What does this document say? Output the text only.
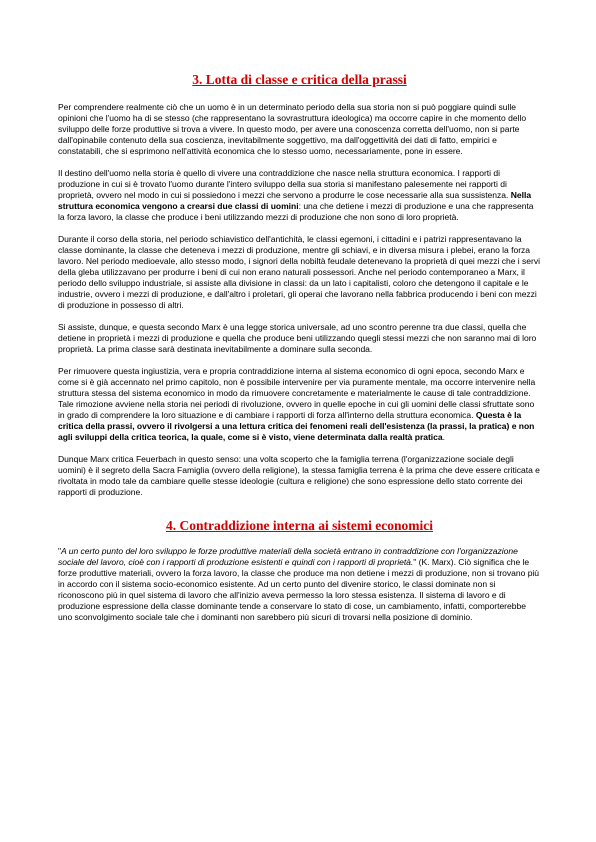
3. Lotta di classe e critica della prassi

Per comprendere realmente ciò che un uomo è in un determinato periodo della sua storia non si può poggiare quindi sulle opinioni che l'uomo ha di se stesso (che rappresentano la sovrastruttura ideologica) ma occorre capire in che momento dello sviluppo delle forze produttive si trova a vivere. In questo modo, per avere una conoscenza corretta dell'uomo, non si parte dall'opinabile contenuto della sua coscienza, inevitabilmente soggettivo, ma dall'oggettività dei dati di fatto, empirici e constatabili, che si esprimono nell'attività economica che lo stesso uomo, necessariamente, pone in essere.

Il destino dell'uomo nella storia è quello di vivere una contraddizione che nasce nella struttura economica. I rapporti di produzione in cui si è trovato l'uomo durante l'intero sviluppo della sua storia si manifestano palesemente nei rapporti di proprietà, ovvero nel modo in cui si possiedono i mezzi che servono a produrre le cose necessarie alla sua sussistenza. Nella struttura economica vengono a crearsi due classi di uomini: una che detiene i mezzi di produzione e una che rappresenta la forza lavoro, la classe che produce i beni utilizzando mezzi di produzione che non sono di loro proprietà.

Durante il corso della storia, nel periodo schiavistico dell'antichità, le classi egemoni, i cittadini e i patrizi rappresentavano la classe dominante, la classe che deteneva i mezzi di produzione, mentre gli schiavi, e in diversa misura i plebei, erano la forza lavoro. Nel periodo medioevale, allo stesso modo, i signori della nobiltà feudale detenevano la proprietà di quei mezzi che i servi della gleba utilizzavano per produrre i beni di cui non erano naturali possessori. Anche nel periodo contemporaneo a Marx, il periodo dello sviluppo industriale, si assiste alla divisione in classi: da un lato i capitalisti, coloro che detengono il capitale e le industrie, ovvero i mezzi di produzione, e dall'altro i proletari, gli operai che lavorano nella fabbrica producendo i beni con mezzi di produzione in possesso di altri.

Si assiste, dunque, e questa secondo Marx è una legge storica universale, ad uno scontro perenne tra due classi, quella che detiene in proprietà i mezzi di produzione e quella che produce beni utilizzando quegli stessi mezzi che non saranno mai di loro proprietà. La prima classe sarà destinata inevitabilmente a dominare sulla seconda.

Per rimuovere questa ingiustizia, vera e propria contraddizione interna al sistema economico di ogni epoca, secondo Marx e come si è già accennato nel primo capitolo, non è possibile intervenire per via puramente mentale, ma occorre intervenire nella struttura stessa del sistema economico in modo da rimuovere concretamente e materialmente le cause di tale contraddizione. Tale rimozione avviene nella storia nei periodi di rivoluzione, ovvero in quelle epoche in cui gli uomini delle classi sfruttate sono in grado di comprendere la loro situazione e di cambiare i rapporti di forza all'interno della struttura economica. Questa è la critica della prassi, ovvero il rivolgersi a una lettura critica dei fenomeni reali dell'esistenza (la prassi, la pratica) e non agli sviluppi della critica teorica, la quale, come si è visto, viene determinata dalla realtà pratica.

Dunque Marx critica Feuerbach in questo senso: una volta scoperto che la famiglia terrena (l'organizzazione sociale degli uomini) è il segreto della Sacra Famiglia (ovvero della religione), la stessa famiglia terrena è la prima che deve essere criticata e rivoltata in modo tale da cambiare quelle stesse ideologie (cultura e religione) che sono espressione dello stato corrente dei rapporti di produzione.

4. Contraddizione interna ai sistemi economici

"A un certo punto del loro sviluppo le forze produttive materiali della società entrano in contraddizione con l'organizzazione sociale del lavoro, cioè con i rapporti di produzione esistenti e quindi con i rapporti di proprietà." (K. Marx). Ciò significa che le forze produttive materiali, ovvero la forza lavoro, la classe che produce ma non detiene i mezzi di produzione, non si trovano più in accordo con il sistema socio-economico esistente. Ad un certo punto del divenire storico, le classi dominate non si riconoscono più in quel sistema di lavoro che all'inizio aveva permesso la loro stessa esistenza. Il sistema di lavoro e di produzione espressione della classe dominante tende a conservare lo stato di cose, un cambiamento, infatti, comporterebbe uno sconvolgimento sociale tale che i dominanti non sarebbero più sicuri di trovarsi nella posizione di dominio.
